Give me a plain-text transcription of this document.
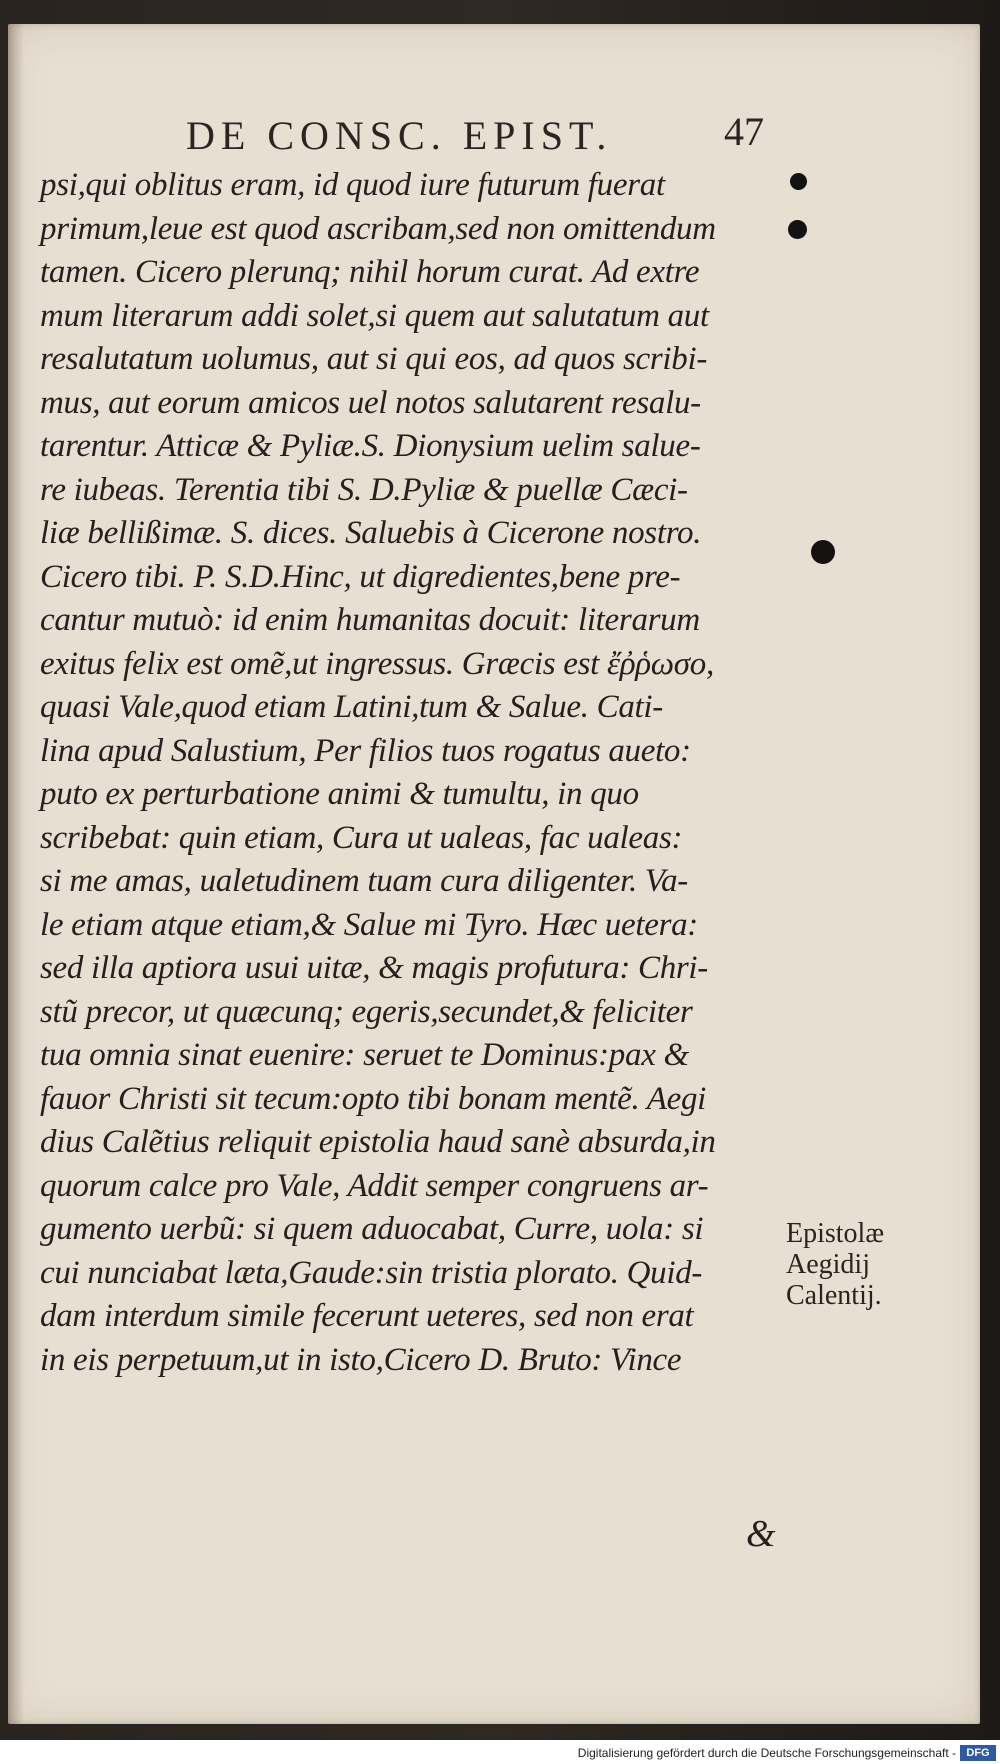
DE CONSC. EPIST.	47
psi,qui oblitus eram, id quod iure futurum fuerat
primum,leue est quod ascribam,sed non omittendum
tamen. Cicero plerunq; nihil horum curat. Ad extre
mum literarum addi solet,si quem aut salutatum aut
resalutatum uolumus, aut si qui eos, ad quos scribi-
mus, aut eorum amicos uel notos salutarent resalu-
tarentur. Atticæ & Pyliæ.S. Dionysium uelim salue-
re iubeas. Terentia tibi S. D.Pyliæ & puellæ Cæci-
liæ bellißimæ. S. dices. Saluebis à Cicerone nostro.
Cicero tibi. P. S.D.Hinc, ut digredientes,bene pre-
cantur mutuò: id enim humanitas docuit: literarum
exitus felix est omẽ,ut ingressus. Græcis est ἔῤῥωσο,
quasi Vale,quod etiam Latini,tum & Salue. Cati-
lina apud Salustium, Per filios tuos rogatus aueto:
puto ex perturbatione animi & tumultu, in quo
scribebat: quin etiam, Cura ut ualeas, fac ualeas:
si me amas, ualetudinem tuam cura diligenter. Va-
le etiam atque etiam,& Salue mi Tyro. Hæc uetera:
sed illa aptiora usui uitæ, & magis profutura: Chri-
stũ precor, ut quæcunq; egeris,secundet,& feliciter
tua omnia sinat euenire: seruet te Dominus:pax &
fauor Christi sit tecum:opto tibi bonam mentẽ. Aegi
dius Calẽtius reliquit epistolia haud sanè absurda,in
quorum calce pro Vale, Addit semper congruens ar-
gumento uerbũ: si quem aduocabat, Curre, uola: si
cui nunciabat læta,Gaude:sin tristia plorato. Quid-
dam interdum simile fecerunt ueteres, sed non erat
in eis perpetuum,ut in isto,Cicero D. Bruto: Vince
Epistolæ
Aegidij
Calentij.
&
Digitalisierung gefördert durch die Deutsche Forschungsgemeinschaft - DFG
